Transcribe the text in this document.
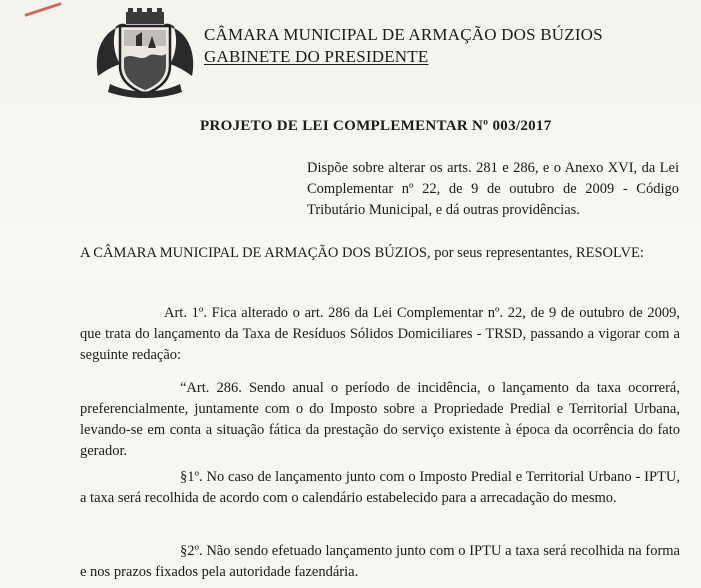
CÂMARA MUNICIPAL DE ARMAÇÃO DOS BÚZIOS
GABINETE DO PRESIDENTE
PROJETO DE LEI COMPLEMENTAR Nº 003/2017
Dispõe sobre alterar os arts. 281 e 286, e o Anexo XVI, da Lei Complementar nº 22, de 9 de outubro de 2009 - Código Tributário Municipal, e dá outras providências.
A CÂMARA MUNICIPAL DE ARMAÇÃO DOS BÚZIOS, por seus representantes, RESOLVE:
Art. 1º. Fica alterado o art. 286 da Lei Complementar nº. 22, de 9 de outubro de 2009, que trata do lançamento da Taxa de Resíduos Sólidos Domiciliares - TRSD, passando a vigorar com a seguinte redação:
“Art. 286. Sendo anual o período de incidência, o lançamento da taxa ocorrerá, preferencialmente, juntamente com o do Imposto sobre a Propriedade Predial e Territorial Urbana, levando-se em conta a situação fática da prestação do serviço existente à época da ocorrência do fato gerador.
§1º. No caso de lançamento junto com o Imposto Predial e Territorial Urbano - IPTU, a taxa será recolhida de acordo com o calendário estabelecido para a arrecadação do mesmo.
§2º. Não sendo efetuado lançamento junto com o IPTU a taxa será recolhida na forma e nos prazos fixados pela autoridade fazendária.
